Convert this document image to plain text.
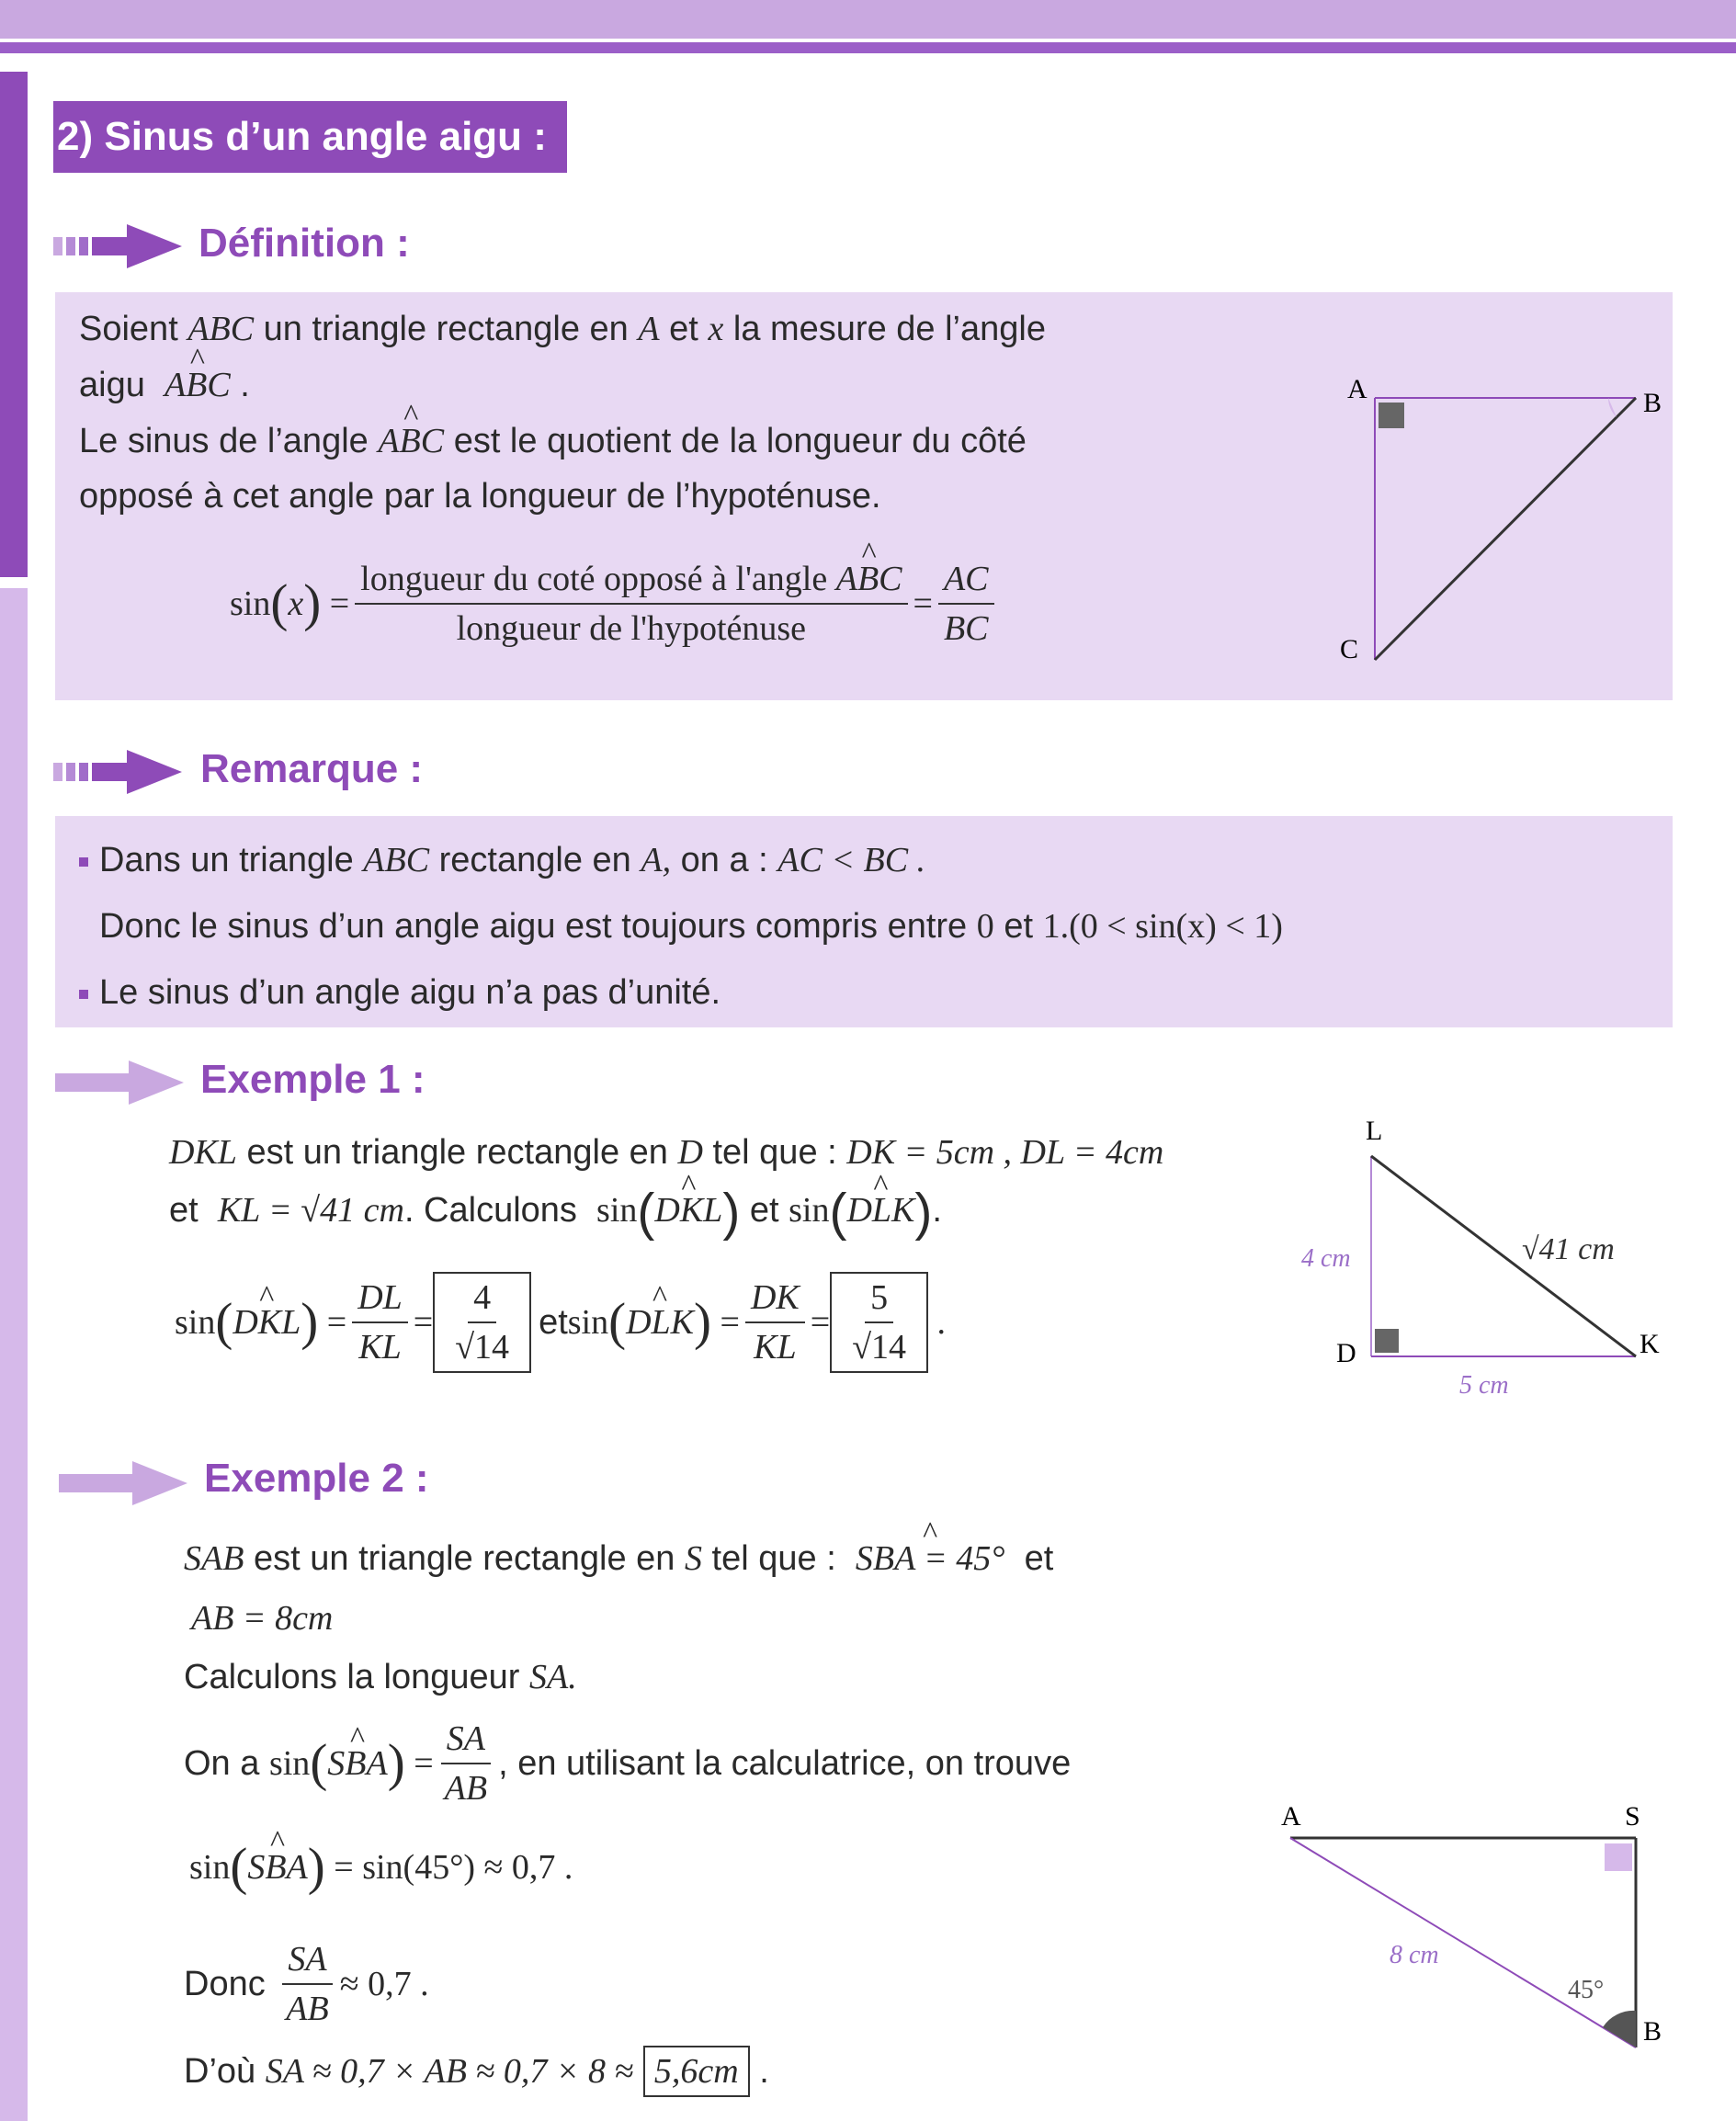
2) Sinus d’un angle aigu :
Définition :
Soient ABC un triangle rectangle en A et x la mesure de l’angle
aigu ^ ABC .
Le sinus de l’angle ^ ABC est le quotient de la longueur du côté
opposé à cet angle par la longueur de l’hypoténuse.
sin ( x ) = $\frac{\text{longueur du coté opposé à l'angle \textasciicircum{} ABC}}{\text{longueur de l'hypoténuse}} = \frac{AC}{BC}$
A	B
C
Remarque :
Dans un triangle ABC rectangle en A, on a : AC < BC .
Donc le sinus d’un angle aigu est toujours compris entre 0 et 1.(0 < sin(x) < 1)
Le sinus d’un angle aigu n’a pas d’unité.
Exemple 1 :
DKL est un triangle rectangle en D tel que : DK = 5cm , DL = 4cm
et KL = √41 cm. Calculons sin(^ DKL) et sin(^ DLK).
sin ( ^ DKL ) = $\frac{DL}{KL} = \frac{4}{√14}$ et sin ( ^ DLK ) = $\frac{DK}{KL} = \frac{5}{√14}$ .
L
D	K
4 cm
5 cm
√41 cm
Exemple 2 :
SAB est un triangle rectangle en S tel que : ^ SBA = 45° et
AB = 8cm
Calculons la longueur SA.
On a
sin ( ^ SBA ) = $\frac{SA}{AB}$ , en utilisant la calculatrice, on trouve
sin ( ^ SBA )
= sin(45°) ≈ 0,7 .
Donc
$\frac{SA}{AB} \approx 0,7$ .
D’où
SA ≈ 0,7 × AB ≈ 0,7 × 8 ≈
5,6cm .
A	S
B
8 cm
45°
